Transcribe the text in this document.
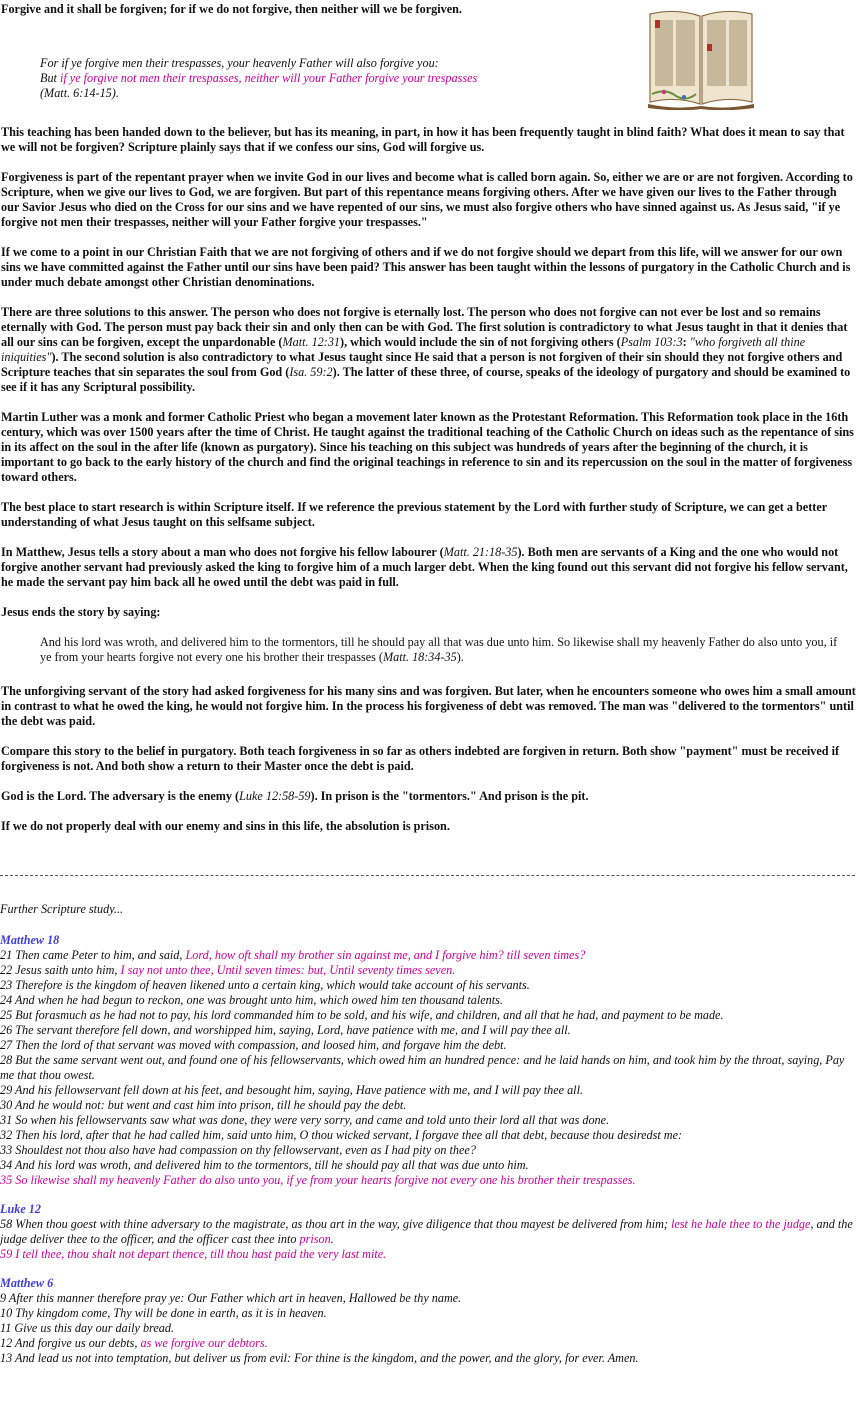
Forgive and it shall be forgiven; for if we do not forgive, then neither will we be forgiven.

For if ye forgive men their trespasses, your heavenly Father will also forgive you:
But if ye forgive not men their trespasses, neither will your Father forgive your trespasses
(Matt. 6:14-15).

This teaching has been handed down to the believer, but has its meaning, in part, in how it has been frequently taught in blind faith? What does it mean to say that we will not be forgiven? Scripture plainly says that if we confess our sins, God will forgive us.

Forgiveness is part of the repentant prayer when we invite God in our lives and become what is called born again. So, either we are or are not forgiven. According to Scripture, when we give our lives to God, we are forgiven. But part of this repentance means forgiving others. After we have given our lives to the Father through our Savior Jesus who died on the Cross for our sins and we have repented of our sins, we must also forgive others who have sinned against us. As Jesus said, "if ye forgive not men their trespasses, neither will your Father forgive your trespasses."

If we come to a point in our Christian Faith that we are not forgiving of others and if we do not forgive should we depart from this life, will we answer for our own sins we have committed against the Father until our sins have been paid? This answer has been taught within the lessons of purgatory in the Catholic Church and is under much debate amongst other Christian denominations.

There are three solutions to this answer. The person who does not forgive is eternally lost. The person who does not forgive can not ever be lost and so remains eternally with God. The person must pay back their sin and only then can be with God. The first solution is contradictory to what Jesus taught in that it denies that all our sins can be forgiven, except the unpardonable (Matt. 12:31), which would include the sin of not forgiving others (Psalm 103:3: "who forgiveth all thine iniquities"). The second solution is also contradictory to what Jesus taught since He said that a person is not forgiven of their sin should they not forgive others and Scripture teaches that sin separates the soul from God (Isa. 59:2). The latter of these three, of course, speaks of the ideology of purgatory and should be examined to see if it has any Scriptural possibility.

Martin Luther was a monk and former Catholic Priest who began a movement later known as the Protestant Reformation. This Reformation took place in the 16th century, which was over 1500 years after the time of Christ. He taught against the traditional teaching of the Catholic Church on ideas such as the repentance of sins in its affect on the soul in the after life (known as purgatory). Since his teaching on this subject was hundreds of years after the beginning of the church, it is important to go back to the early history of the church and find the original teachings in reference to sin and its repercussion on the soul in the matter of forgiveness toward others.

The best place to start research is within Scripture itself. If we reference the previous statement by the Lord with further study of Scripture, we can get a better understanding of what Jesus taught on this selfsame subject.

In Matthew, Jesus tells a story about a man who does not forgive his fellow labourer (Matt. 21:18-35). Both men are servants of a King and the one who would not forgive another servant had previously asked the king to forgive him of a much larger debt. When the king found out this servant did not forgive his fellow servant, he made the servant pay him back all he owed until the debt was paid in full.

Jesus ends the story by saying:

And his lord was wroth, and delivered him to the tormentors, till he should pay all that was due unto him. So likewise shall my heavenly Father do also unto you, if ye from your hearts forgive not every one his brother their trespasses (Matt. 18:34-35).

The unforgiving servant of the story had asked forgiveness for his many sins and was forgiven. But later, when he encounters someone who owes him a small amount in contrast to what he owed the king, he would not forgive him. In the process his forgiveness of debt was removed. The man was "delivered to the tormentors" until the debt was paid.

Compare this story to the belief in purgatory. Both teach forgiveness in so far as others indebted are forgiven in return. Both show "payment" must be received if forgiveness is not. And both show a return to their Master once the debt is paid.

God is the Lord. The adversary is the enemy (Luke 12:58-59). In prison is the "tormentors." And prison is the pit.

If we do not properly deal with our enemy and sins in this life, the absolution is prison.

Further Scripture study...

Matthew 18

21 Then came Peter to him, and said, Lord, how oft shall my brother sin against me, and I forgive him? till seven times?

22 Jesus saith unto him, I say not unto thee, Until seven times: but, Until seventy times seven.

23 Therefore is the kingdom of heaven likened unto a certain king, which would take account of his servants.

24 And when he had begun to reckon, one was brought unto him, which owed him ten thousand talents.

25 But forasmuch as he had not to pay, his lord commanded him to be sold, and his wife, and children, and all that he had, and payment to be made.

26 The servant therefore fell down, and worshipped him, saying, Lord, have patience with me, and I will pay thee all.

27 Then the lord of that servant was moved with compassion, and loosed him, and forgave him the debt.

28 But the same servant went out, and found one of his fellowservants, which owed him an hundred pence: and he laid hands on him, and took him by the throat, saying, Pay me that thou owest.

29 And his fellowservant fell down at his feet, and besought him, saying, Have patience with me, and I will pay thee all.

30 And he would not: but went and cast him into prison, till he should pay the debt.

31 So when his fellowservants saw what was done, they were very sorry, and came and told unto their lord all that was done.

32 Then his lord, after that he had called him, said unto him, O thou wicked servant, I forgave thee all that debt, because thou desiredst me:

33 Shouldest not thou also have had compassion on thy fellowservant, even as I had pity on thee?

34 And his lord was wroth, and delivered him to the tormentors, till he should pay all that was due unto him.

35 So likewise shall my heavenly Father do also unto you, if ye from your hearts forgive not every one his brother their trespasses.

Luke 12

58 When thou goest with thine adversary to the magistrate, as thou art in the way, give diligence that thou mayest be delivered from him; lest he hale thee to the judge, and the judge deliver thee to the officer, and the officer cast thee into prison.

59 I tell thee, thou shalt not depart thence, till thou hast paid the very last mite.

Matthew 6

9 After this manner therefore pray ye: Our Father which art in heaven, Hallowed be thy name.

10 Thy kingdom come, Thy will be done in earth, as it is in heaven.

11 Give us this day our daily bread.

12 And forgive us our debts, as we forgive our debtors.

13 And lead us not into temptation, but deliver us from evil: For thine is the kingdom, and the power, and the glory, for ever. Amen.
